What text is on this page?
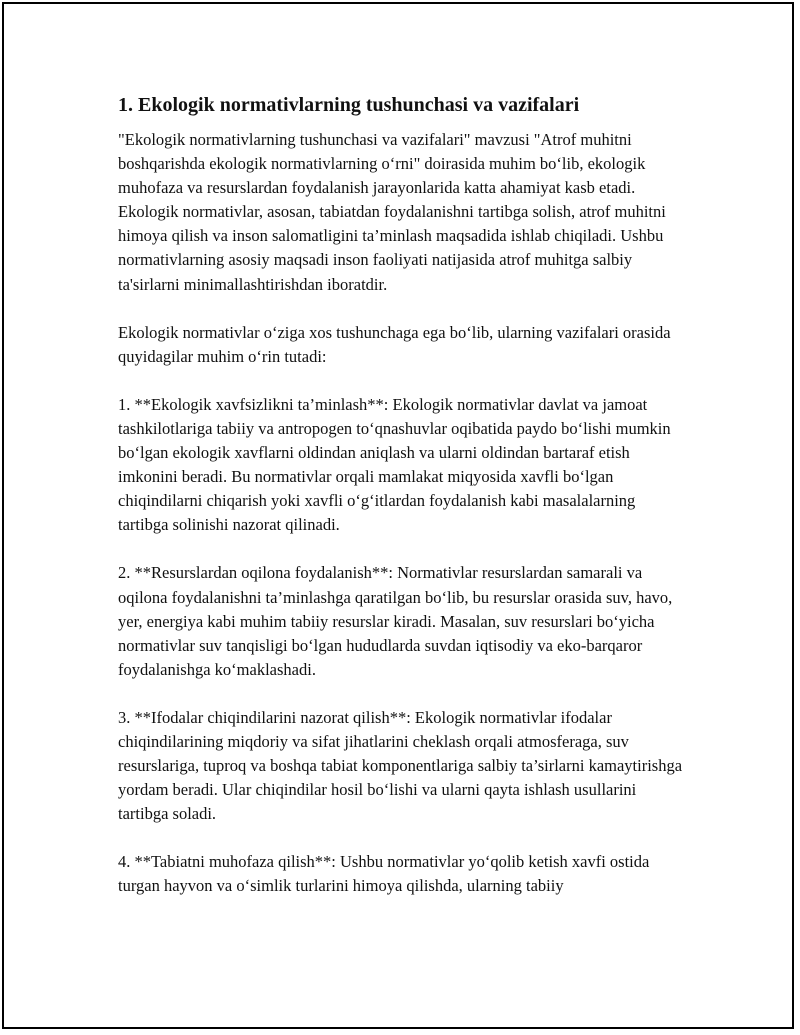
1. Ekologik normativlarning tushunchasi va vazifalari

"Ekologik normativlarning tushunchasi va vazifalari" mavzusi "Atrof muhitni boshqarishda ekologik normativlarning o‘rni" doirasida muhim bo‘lib, ekologik muhofaza va resurslardan foydalanish jarayonlarida katta ahamiyat kasb etadi. Ekologik normativlar, asosan, tabiatdan foydalanishni tartibga solish, atrof muhitni himoya qilish va inson salomatligini ta’minlash maqsadida ishlab chiqiladi. Ushbu normativlarning asosiy maqsadi inson faoliyati natijasida atrof muhitga salbiy ta'sirlarni minimallashtirishdan iboratdir.

Ekologik normativlar o‘ziga xos tushunchaga ega bo‘lib, ularning vazifalari orasida quyidagilar muhim o‘rin tutadi:

1. **Ekologik xavfsizlikni ta’minlash**: Ekologik normativlar davlat va jamoat tashkilotlariga tabiiy va antropogen to‘qnashuvlar oqibatida paydo bo‘lishi mumkin bo‘lgan ekologik xavflarni oldindan aniqlash va ularni oldindan bartaraf etish imkonini beradi. Bu normativlar orqali mamlakat miqyosida xavfli bo‘lgan chiqindilarni chiqarish yoki xavfli o‘g‘itlardan foydalanish kabi masalalarning tartibga solinishi nazorat qilinadi.

2. **Resurslardan oqilona foydalanish**: Normativlar resurslardan samarali va oqilona foydalanishni ta’minlashga qaratilgan bo‘lib, bu resurslar orasida suv, havo, yer, energiya kabi muhim tabiiy resurslar kiradi. Masalan, suv resurslari bo‘yicha normativlar suv tanqisligi bo‘lgan hududlarda suvdan iqtisodiy va eko-barqaror foydalanishga ko‘maklashadi.

3. **Ifodalar chiqindilarini nazorat qilish**: Ekologik normativlar ifodalar chiqindilarining miqdoriy va sifat jihatlarini cheklash orqali atmosferaga, suv resurslariga, tuproq va boshqa tabiat komponentlariga salbiy ta’sirlarni kamaytirishga yordam beradi. Ular chiqindilar hosil bo‘lishi va ularni qayta ishlash usullarini tartibga soladi.

4. **Tabiatni muhofaza qilish**: Ushbu normativlar yo‘qolib ketish xavfi ostida turgan hayvon va o‘simlik turlarini himoya qilishda, ularning tabiiy
